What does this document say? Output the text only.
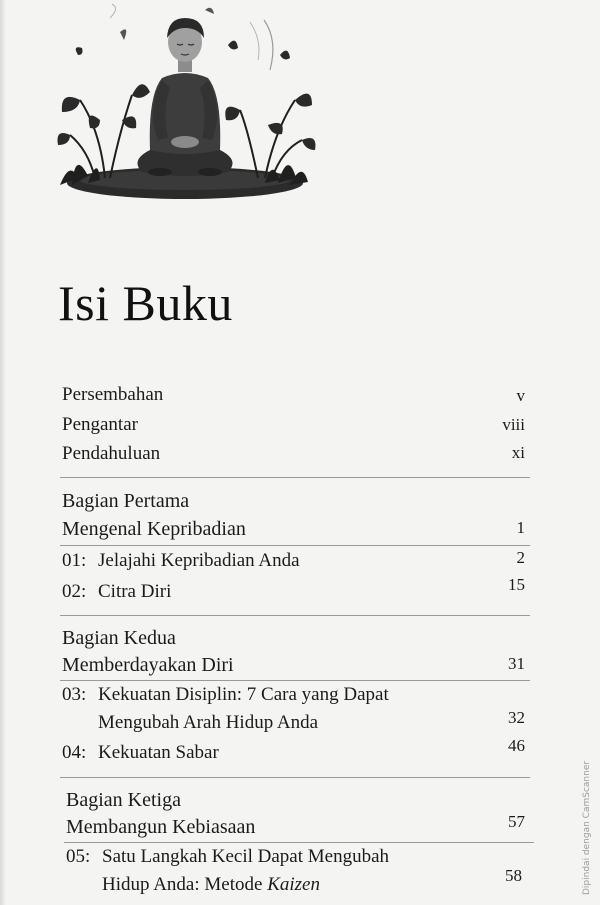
Isi Buku
Persembahan	v
Pengantar	viii
Pendahuluan	xi
Bagian Pertama
Mengenal Kepribadian	1
01: Jelajahi Kepribadian Anda	2
02: Citra Diri	15
Bagian Kedua
Memberdayakan Diri	31
03: Kekuatan Disiplin: 7 Cara yang Dapat
Mengubah Arah Hidup Anda	32
04: Kekuatan Sabar	46
Bagian Ketiga
Membangun Kebiasaan	57
05: Satu Langkah Kecil Dapat Mengubah
Hidup Anda: Metode Kaizen	58	Dipindai dengan CamScanner
